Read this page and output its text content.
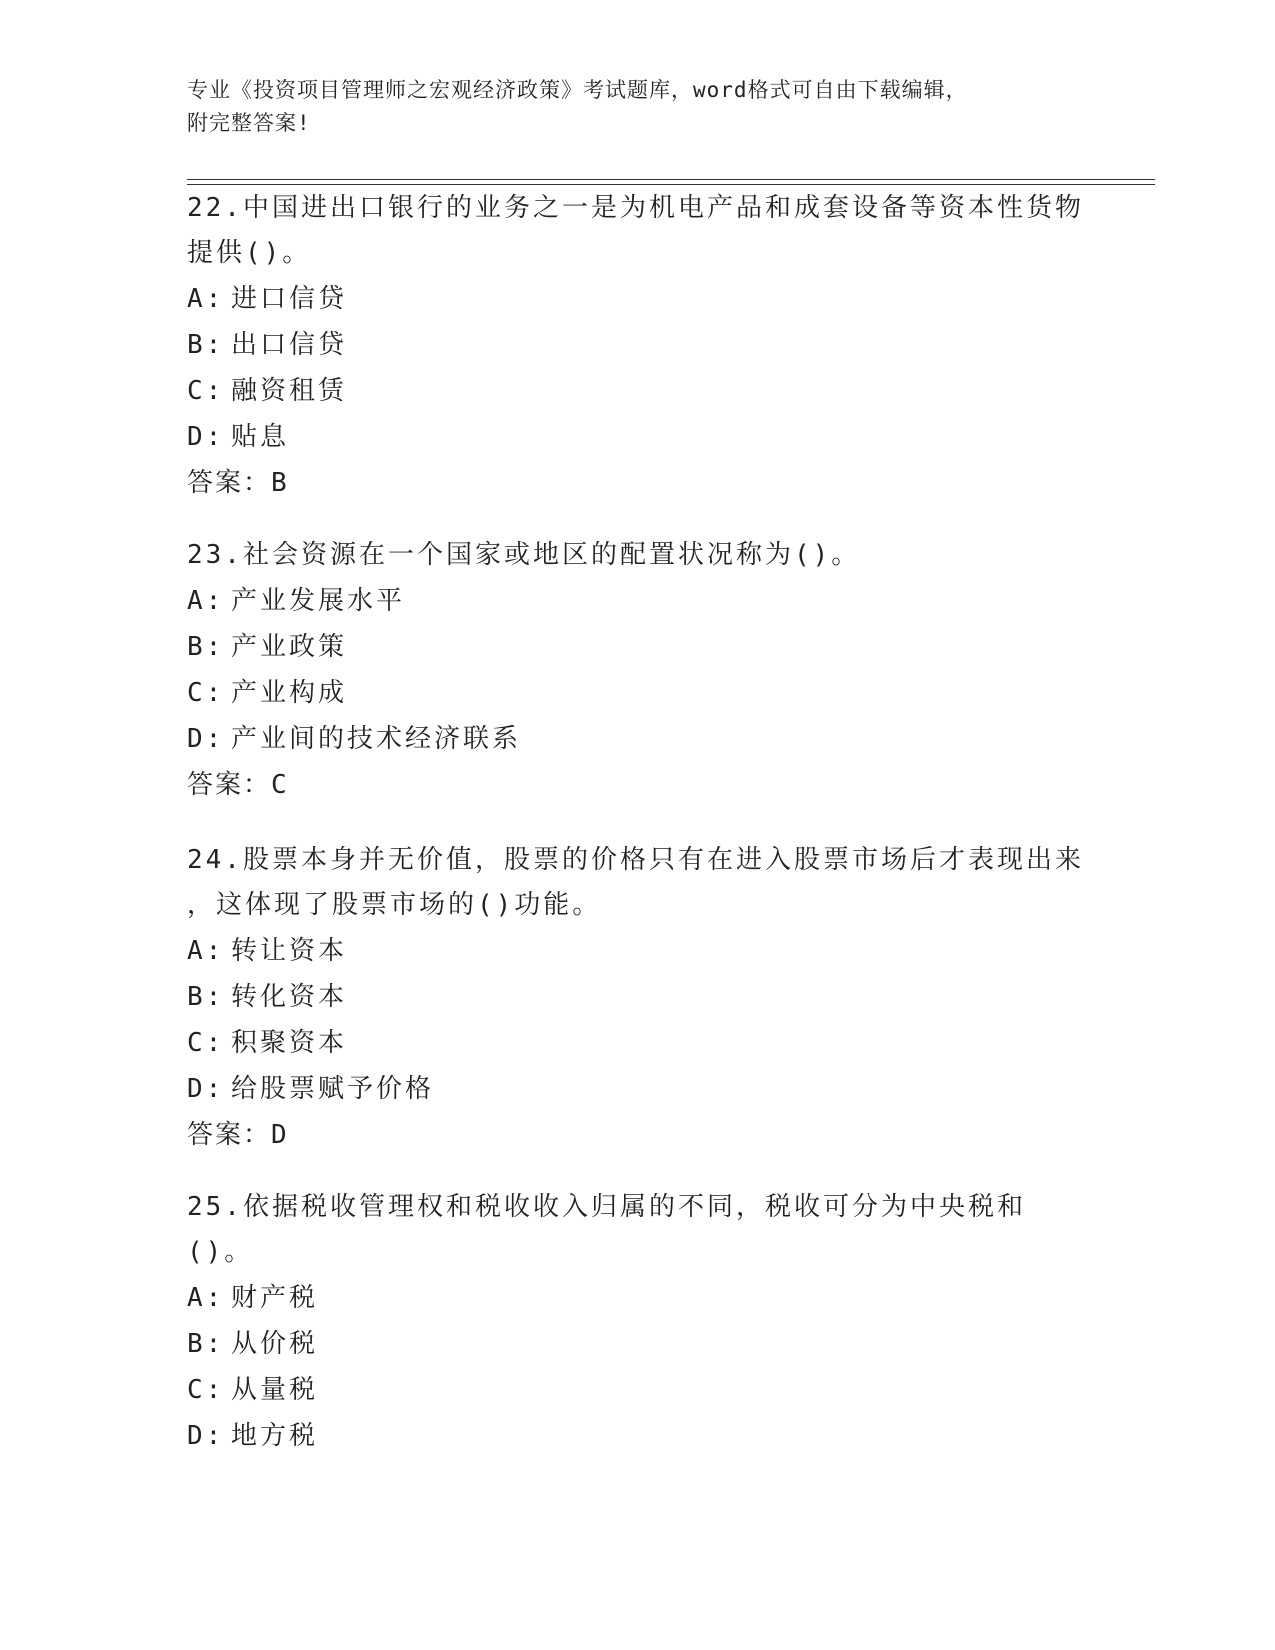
专业《投资项目管理师之宏观经济政策》考试题库，word格式可自由下载编辑，
附完整答案!

22.中国进出口银行的业务之一是为机电产品和成套设备等资本性货物

提供()。

A: 进口信贷

B: 出口信贷

C: 融资租赁

D: 贴息

答案：B

23.社会资源在一个国家或地区的配置状况称为()。

A: 产业发展水平

B: 产业政策

C: 产业构成

D: 产业间的技术经济联系

答案：C

24.股票本身并无价值，股票的价格只有在进入股票市场后才表现出来

，这体现了股票市场的()功能。

A: 转让资本

B: 转化资本

C: 积聚资本

D: 给股票赋予价格

答案：D

25.依据税收管理权和税收收入归属的不同，税收可分为中央税和()。

A: 财产税

B: 从价税

C: 从量税

D: 地方税
